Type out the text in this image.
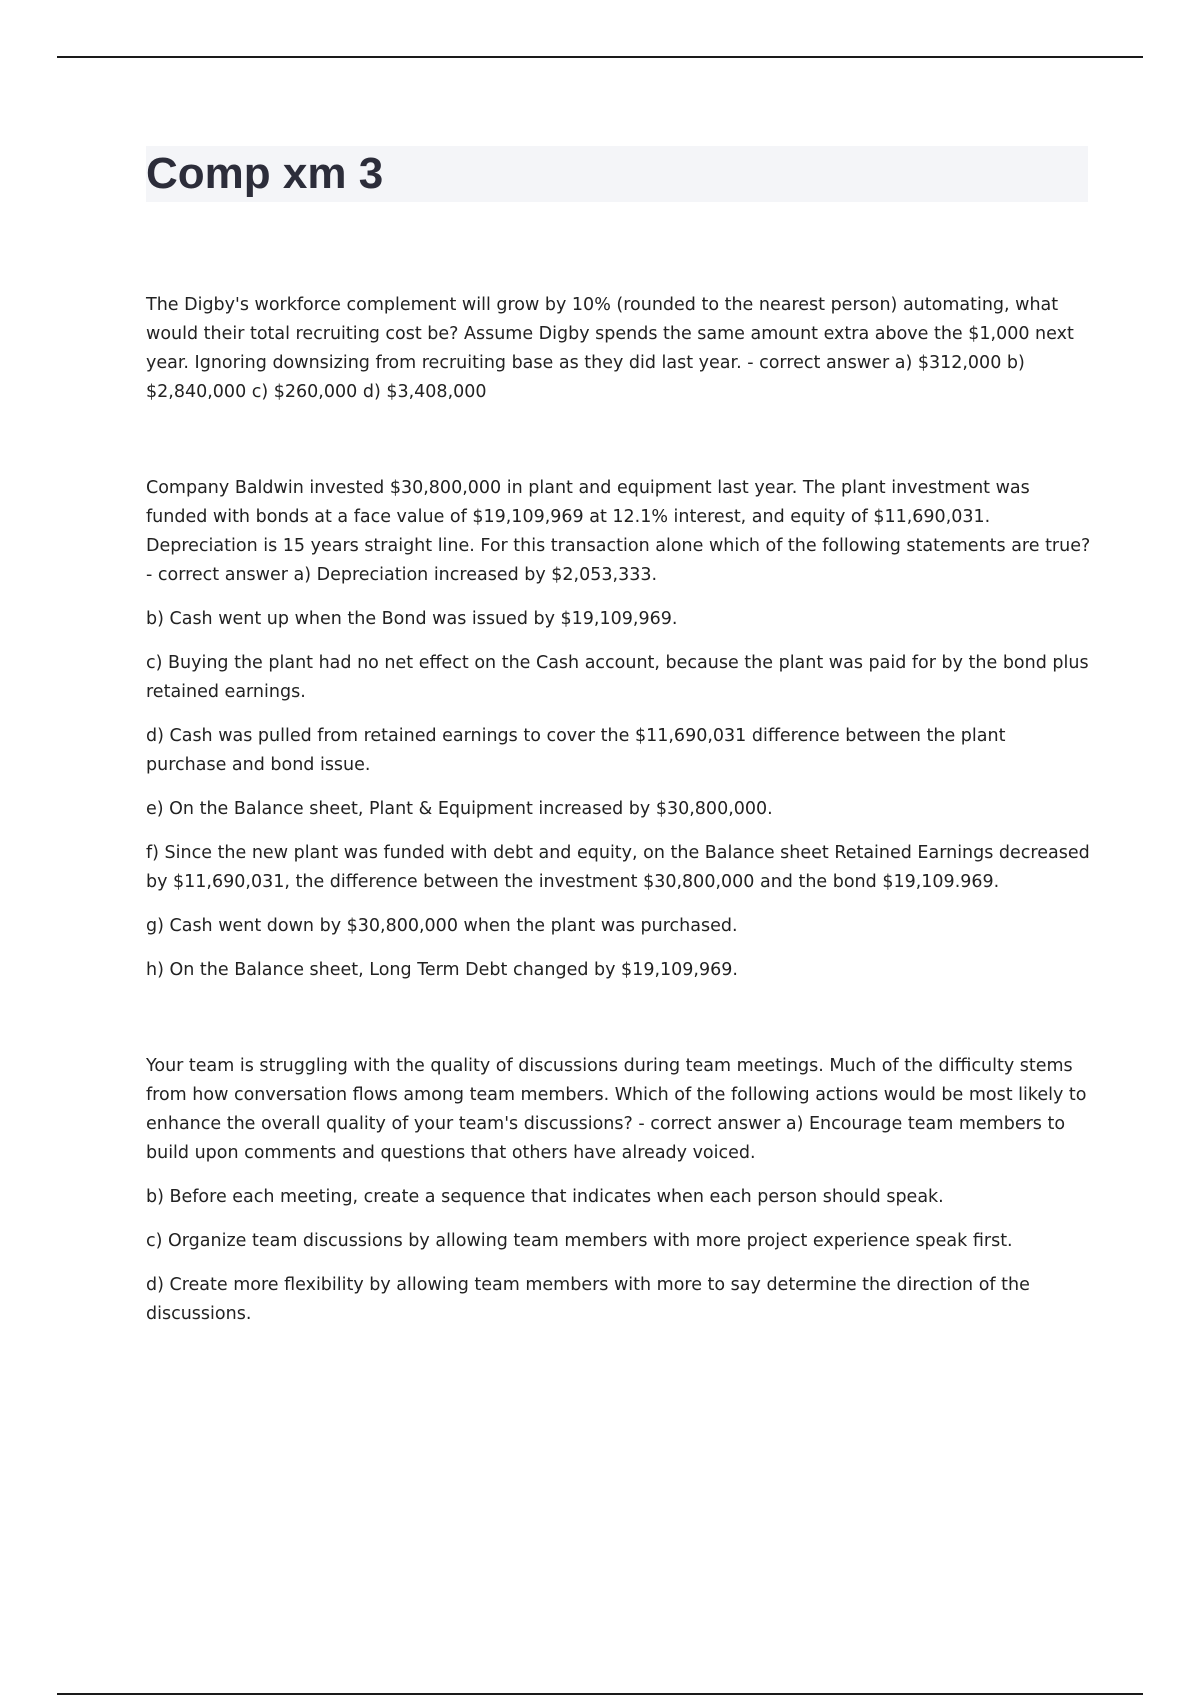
Comp xm 3

The Digby's workforce complement will grow by 10% (rounded to the nearest person) automating, what would their total recruiting cost be? Assume Digby spends the same amount extra above the $1,000 next year. Ignoring downsizing from recruiting base as they did last year. - correct answer a) $312,000 b) $2,840,000 c) $260,000 d) $3,408,000

Company Baldwin invested $30,800,000 in plant and equipment last year. The plant investment was funded with bonds at a face value of $19,109,969 at 12.1% interest, and equity of $11,690,031. Depreciation is 15 years straight line. For this transaction alone which of the following statements are true? - correct answer a) Depreciation increased by $2,053,333.

b) Cash went up when the Bond was issued by $19,109,969.

c) Buying the plant had no net effect on the Cash account, because the plant was paid for by the bond plus retained earnings.

d) Cash was pulled from retained earnings to cover the $11,690,031 difference between the plant purchase and bond issue.

e) On the Balance sheet, Plant & Equipment increased by $30,800,000.

f) Since the new plant was funded with debt and equity, on the Balance sheet Retained Earnings decreased by $11,690,031, the difference between the investment $30,800,000 and the bond $19,109.969.

g) Cash went down by $30,800,000 when the plant was purchased.

h) On the Balance sheet, Long Term Debt changed by $19,109,969.

Your team is struggling with the quality of discussions during team meetings. Much of the difficulty stems from how conversation flows among team members. Which of the following actions would be most likely to enhance the overall quality of your team's discussions? - correct answer a) Encourage team members to build upon comments and questions that others have already voiced.

b) Before each meeting, create a sequence that indicates when each person should speak.

c) Organize team discussions by allowing team members with more project experience speak first.

d) Create more flexibility by allowing team members with more to say determine the direction of the discussions.
